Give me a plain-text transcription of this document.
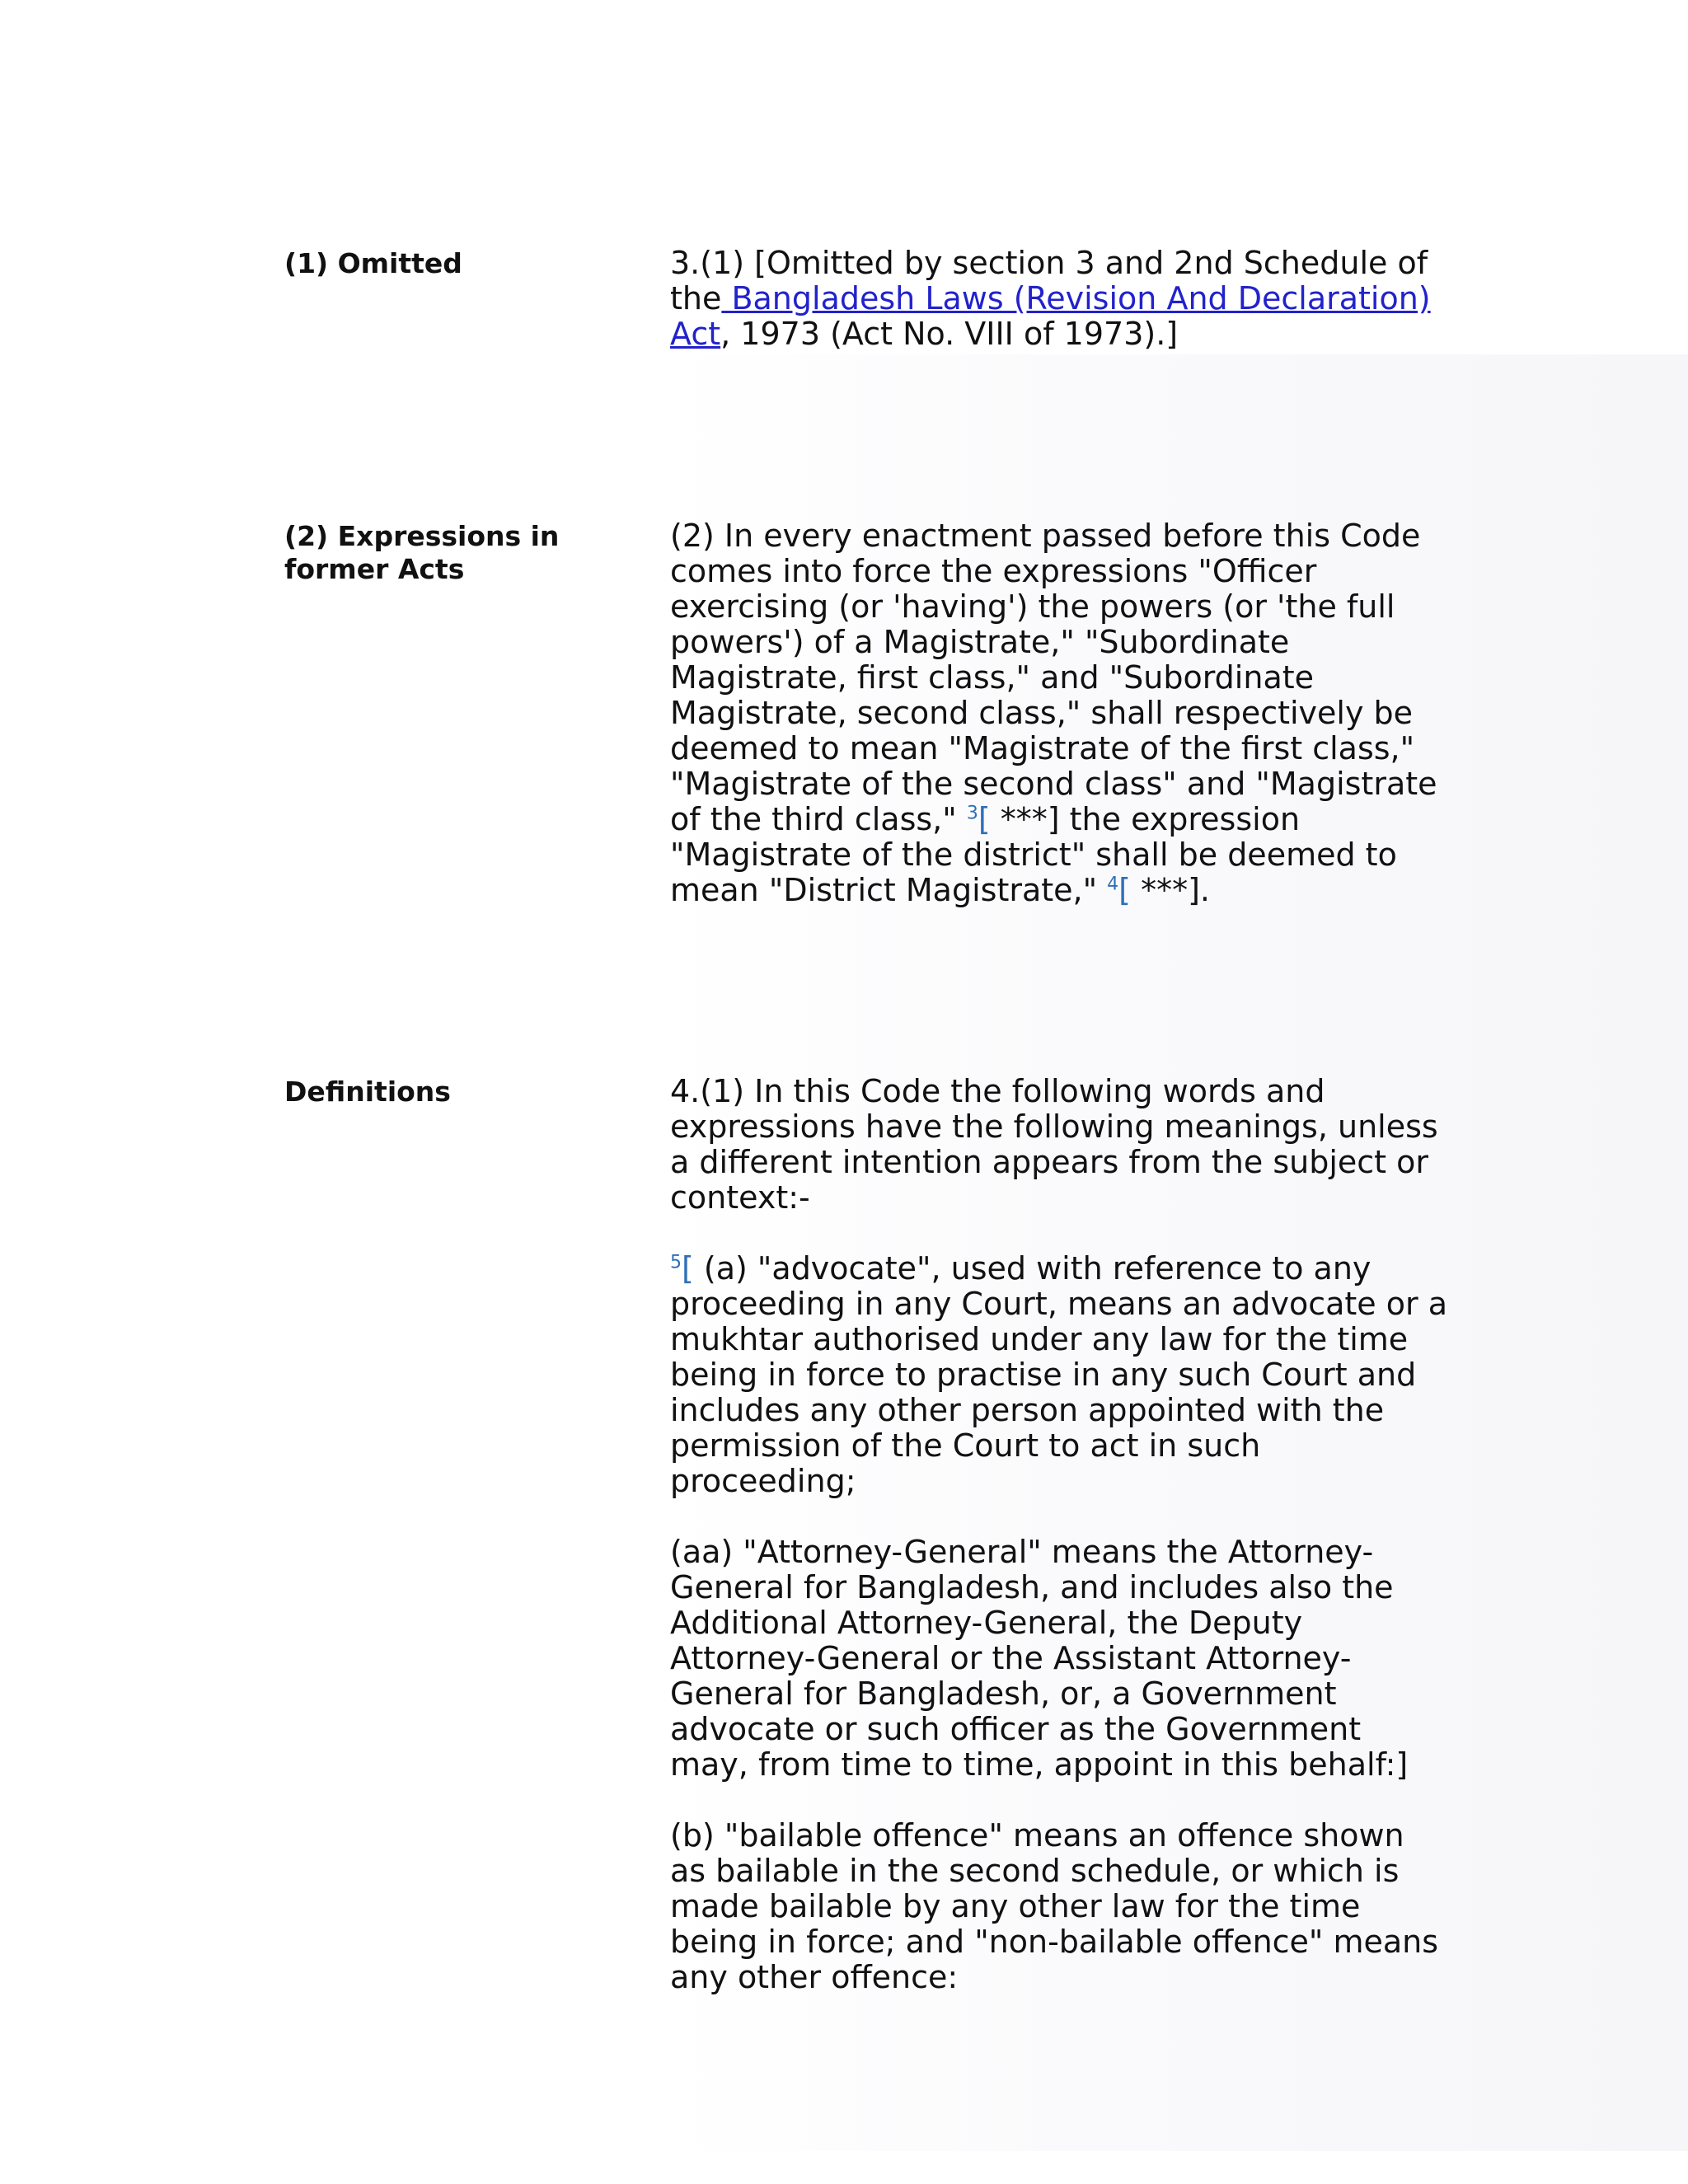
(1) Omitted	3.(1) [Omitted by section 3 and 2nd Schedule of the Bangladesh Laws (Revision And Declaration) Act, 1973 (Act No. VIII of 1973).]
(2) Expressions in former Acts
(2) In every enactment passed before this Code comes into force the expressions "Officer exercising (or 'having') the powers (or 'the full powers') of a Magistrate," "Subordinate Magistrate, first class," and "Subordinate Magistrate, second class," shall respectively be deemed to mean "Magistrate of the first class," "Magistrate of the second class" and "Magistrate of the third class," $^3$[ ***] the expression "Magistrate of the district" shall be deemed to mean "District Magistrate," $^4$[ ***].
Definitions	4.(1) In this Code the following words and expressions have the following meanings, unless a different intention appears from the subject or context:-

$^5$[ (a) "advocate", used with reference to any proceeding in any Court, means an advocate or a mukhtar authorised under any law for the time being in force to practise in any such Court and includes any other person appointed with the permission of the Court to act in such proceeding;

(aa) "Attorney-General" means the Attorney-General for Bangladesh, and includes also the Additional Attorney-General, the Deputy Attorney-General or the Assistant Attorney-General for Bangladesh, or, a Government advocate or such officer as the Government may, from time to time, appoint in this behalf:]

(b) "bailable offence" means an offence shown as bailable in the second schedule, or which is made bailable by any other law for the time being in force; and "non-bailable offence" means any other offence:
